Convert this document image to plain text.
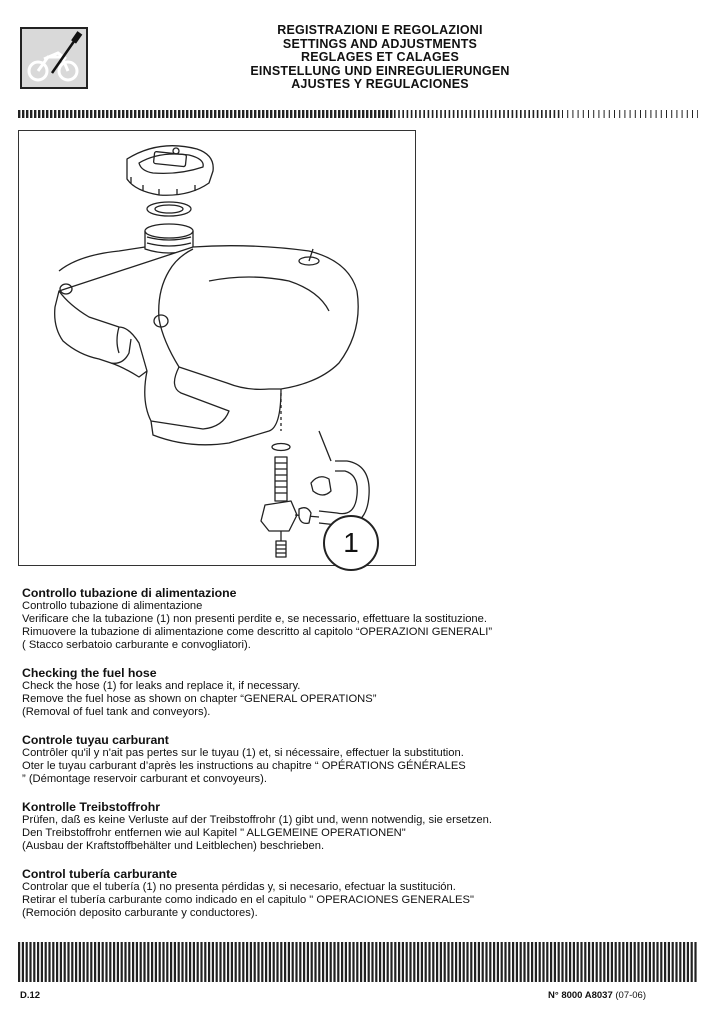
REGISTRAZIONI E REGOLAZIONI
SETTINGS AND ADJUSTMENTS
REGLAGES ET CALAGES
EINSTELLUNG UND EINREGULIERUNGEN
AJUSTES Y REGULACIONES
1
Controllo tubazione di alimentazione

Controllo tubazione di alimentazione

Verificare che la tubazione (1) non presenti perdite e, se necessario, effettuare la sostituzione.

Rimuovere la tubazione di alimentazione come descritto al capitolo “OPERAZIONI GENERALI”

( Stacco serbatoio carburante e convogliatori).

Checking the fuel hose

Check the hose (1) for leaks and replace it, if necessary.

Remove the fuel hose as shown on chapter “GENERAL OPERATIONS”

(Removal of fuel tank and conveyors).

Controle tuyau carburant

Contrôler qu'il y n'ait pas pertes sur le tuyau (1) et, si nécessaire, effectuer la substitution.

Oter le tuyau carburant d’après les instructions au chapitre “ OPÉRATIONS GÉNÉRALES

” (Démontage reservoir carburant et convoyeurs).

Kontrolle Treibstoffrohr

Prüfen, daß es keine Verluste auf der Treibstoffrohr (1) gibt und, wenn notwendig, sie ersetzen.

Den Treibstoffrohr entfernen wie aul Kapitel " ALLGEMEINE OPERATIONEN"

(Ausbau der Kraftstoffbehälter und Leitblechen) beschrieben.

Control tubería carburante

Controlar que el tubería (1) no presenta pérdidas y, si necesario, efectuar la sustitución.

Retirar el tubería carburante como indicado en el capitulo " OPERACIONES GENERALES"

(Remoción deposito carburante y conductores).

D.12	N° 8000 A8037 (07-06)
